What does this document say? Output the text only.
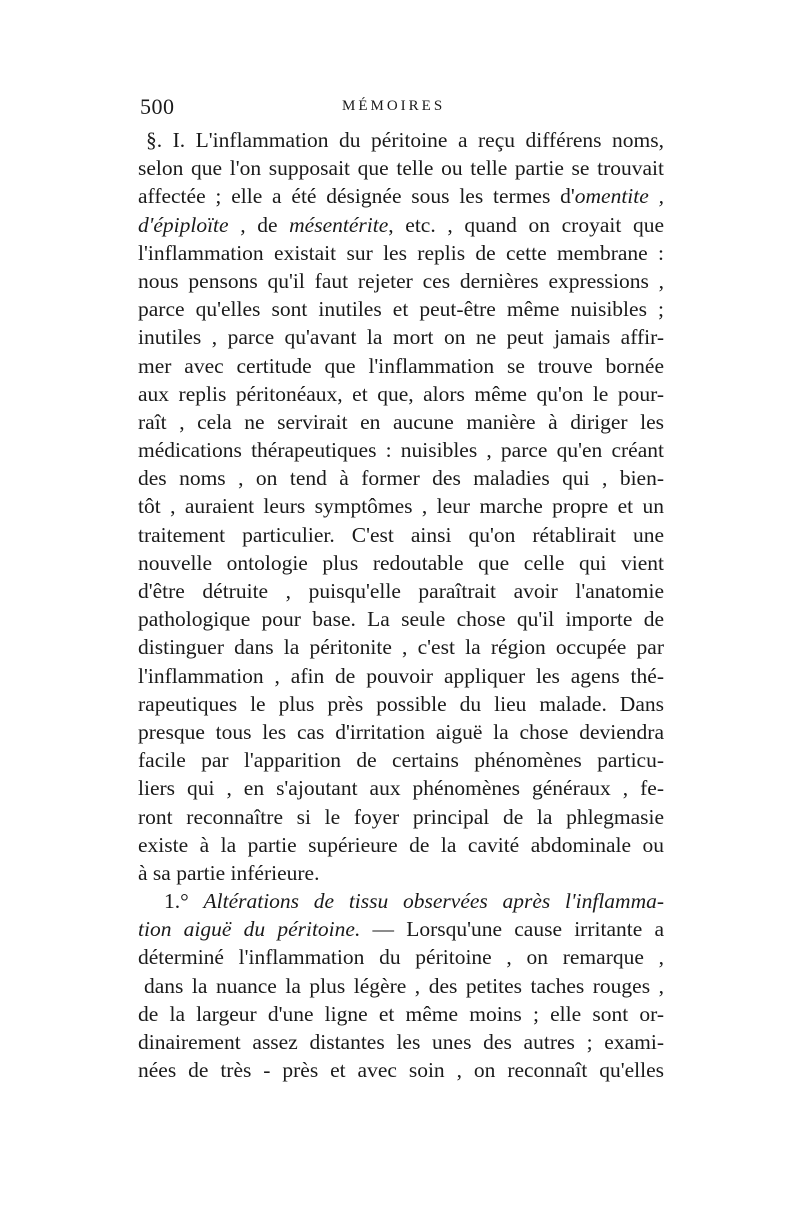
500	MÉMOIRES
§. I. L'inflammation du péritoine a reçu différens noms,
selon que l'on supposait que telle ou telle partie se trouvait
affectée ; elle a été désignée sous les termes d'omentite ,
d'épiploïte , de mésentérite, etc. , quand on croyait que
l'inflammation existait sur les replis de cette membrane :
nous pensons qu'il faut rejeter ces dernières expressions ,
parce qu'elles sont inutiles et peut-être même nuisibles ;
inutiles , parce qu'avant la mort on ne peut jamais affir-
mer avec certitude que l'inflammation se trouve bornée
aux replis péritonéaux, et que, alors même qu'on le pour-
raît , cela ne servirait en aucune manière à diriger les
médications thérapeutiques : nuisibles , parce qu'en créant
des noms , on tend à former des maladies qui , bien-
tôt , auraient leurs symptômes , leur marche propre et un
traitement particulier. C'est ainsi qu'on rétablirait une
nouvelle ontologie plus redoutable que celle qui vient
d'être détruite , puisqu'elle paraîtrait avoir l'anatomie
pathologique pour base. La seule chose qu'il importe de
distinguer dans la péritonite , c'est la région occupée par
l'inflammation , afin de pouvoir appliquer les agens thé-
rapeutiques le plus près possible du lieu malade. Dans
presque tous les cas d'irritation aiguë la chose deviendra
facile par l'apparition de certains phénomènes particu-
liers qui , en s'ajoutant aux phénomènes généraux , fe-
ront reconnaître si le foyer principal de la phlegmasie
existe à la partie supérieure de la cavité abdominale ou
à sa partie inférieure.
1.° Altérations de tissu observées après l'inflamma-
tion aiguë du péritoine. — Lorsqu'une cause irritante a
déterminé l'inflammation du péritoine , on remarque ,
dans la nuance la plus légère , des petites taches rouges ,
de la largeur d'une ligne et même moins ; elle sont or-
dinairement assez distantes les unes des autres ; exami-
nées de très - près et avec soin , on reconnaît qu'elles
